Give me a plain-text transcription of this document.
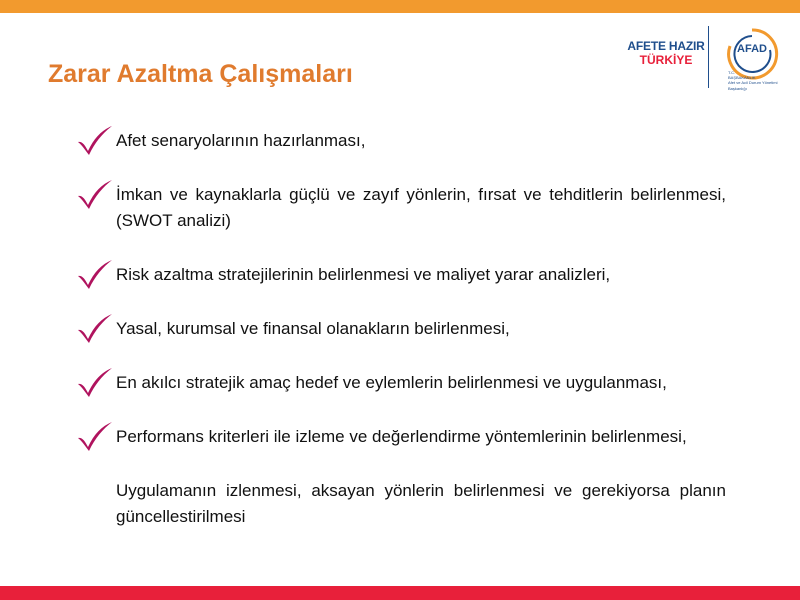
Zarar Azaltma Çalışmaları
AFETE HAZIR
TÜRKİYE
AFAD
T.C.
BAŞBAKANLIK
Afet ve Acil Durum Yönetimi Başkanlığı
Afet senaryolarının hazırlanması,
İmkan ve kaynaklarla güçlü ve zayıf yönlerin, fırsat ve tehditlerin belirlenmesi, (SWOT analizi)
Risk azaltma stratejilerinin belirlenmesi ve maliyet yarar analizleri,
Yasal, kurumsal ve finansal olanakların belirlenmesi,
En akılcı stratejik amaç hedef ve eylemlerin belirlenmesi ve uygulanması,
Performans kriterleri ile izleme ve değerlendirme yöntemlerinin belirlenmesi,
Uygulamanın izlenmesi, aksayan yönlerin belirlenmesi ve gerekiyorsa planın güncellestirilmesi
